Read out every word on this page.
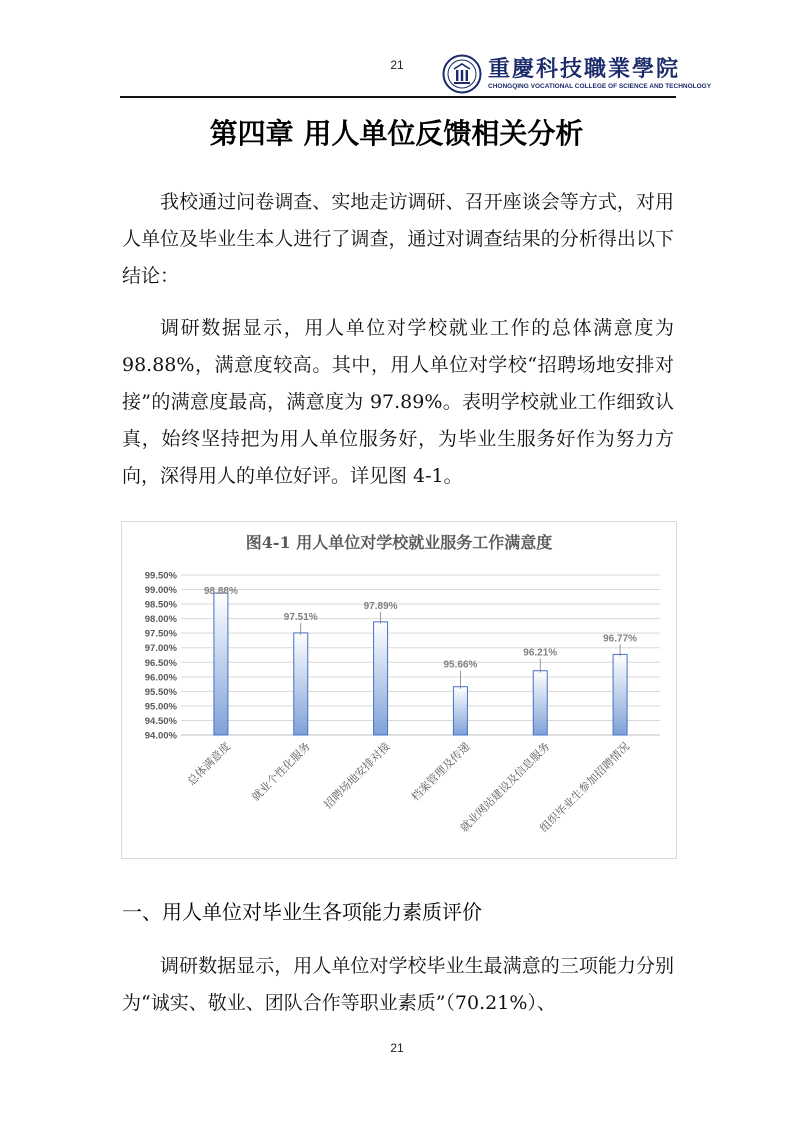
21	重慶科技職業學院
CHONGQING VOCATIONAL COLLEGE OF SCIENCE AND TECHNOLOGY
第四章 用人单位反馈相关分析

我校通过问卷调查、实地走访调研、召开座谈会等方式，对用人单位及毕业生本人进行了调查，通过对调查结果的分析得出以下结论：

调研数据显示，用人单位对学校就业工作的总体满意度为 98.88%，满意度较高。其中，用人单位对学校“招聘场地安排对接”的满意度最高，满意度为 97.89%。表明学校就业工作细致认真，始终坚持把为用人单位服务好，为毕业生服务好作为努力方向，深得用人的单位好评。详见图 4-1。

图4-1 用人单位对学校就业服务工作满意度
94.00%
94.50%
95.00%
95.50%
96.00%
96.50%
97.00%
97.50%
98.00%
98.50%
99.00%
99.50%
98.88%
97.51%
97.89%
95.66%
96.21%
96.77%
总体满意度 就业个性化服务 招聘场地安排对接 档案管理及传递
就业网站建设及信息服务
组织毕业生参加招聘情况
一、用人单位对毕业生各项能力素质评价

调研数据显示，用人单位对学校毕业生最满意的三项能力分别为“诚实、敬业、团队合作等职业素质”（70.21%）、

21
